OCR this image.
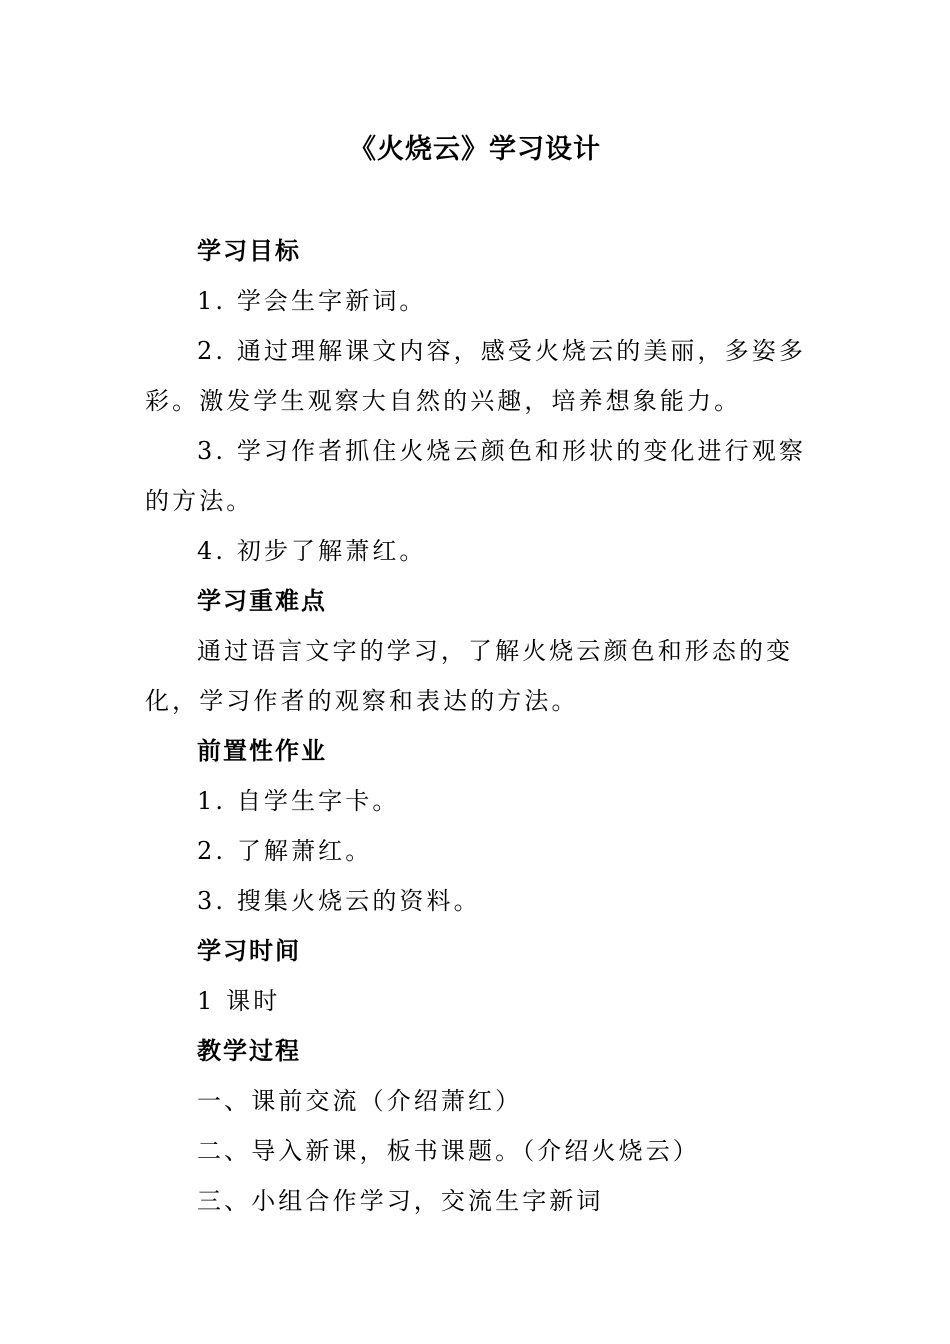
《火烧云》学习设计
学习目标

1. 学会生字新词。

2. 通过理解课文内容，感受火烧云的美丽，多姿多彩。激发学生观察大自然的兴趣，培养想象能力。

3. 学习作者抓住火烧云颜色和形状的变化进行观察的方法。

4. 初步了解萧红。

学习重难点

通过语言文字的学习，了解火烧云颜色和形态的变化，学习作者的观察和表达的方法。

前置性作业

1. 自学生字卡。

2. 了解萧红。

3. 搜集火烧云的资料。

学习时间

1 课时

教学过程

一、课前交流（介绍萧红）

二、导入新课，板书课题。（介绍火烧云）

三、小组合作学习，交流生字新词
